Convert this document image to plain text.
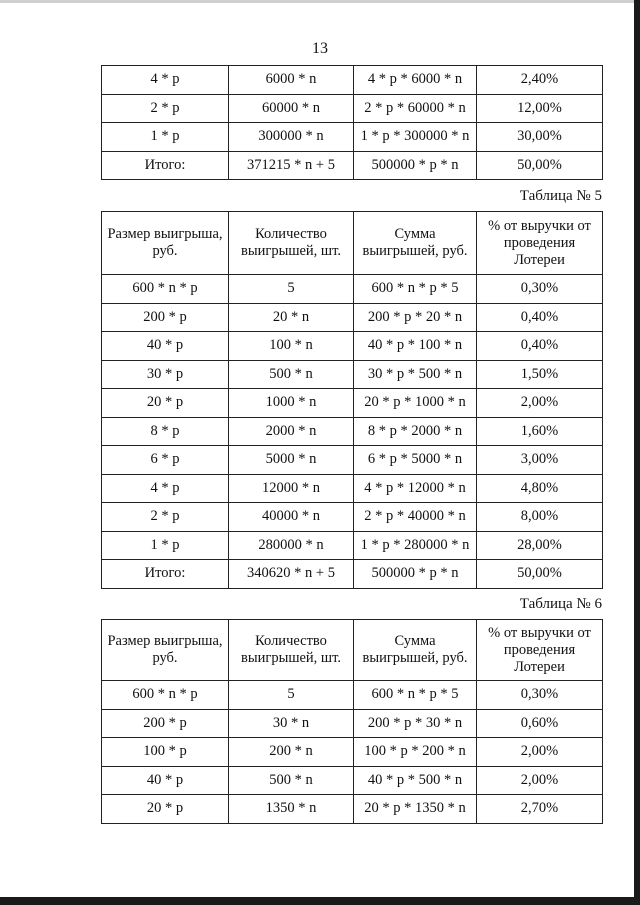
13
4 * р	6000 * n	4 * р * 6000 * n	2,40%
2 * р	60000 * n	2 * р * 60000 * n	12,00%
1 * р	300000 * n	1 * р * 300000 * n	30,00%
Итого:	371215 * n + 5	500000 * р * n	50,00%
Таблица № 5
Размер выигрыша, руб.	Количество выигрышей, шт.	Сумма выигрышей, руб.	% от выручки от проведения Лотереи
600 * n * р	5	600 * n * р * 5	0,30%
200 * р	20 * n	200 * р * 20 * n	0,40%
40 * р	100 * n	40 * р * 100 * n	0,40%
30 * р	500 * n	30 * р * 500 * n	1,50%
20 * р	1000 * n	20 * р * 1000 * n	2,00%
8 * р	2000 * n	8 * р * 2000 * n	1,60%
6 * р	5000 * n	6 * р * 5000 * n	3,00%
4 * р	12000 * n	4 * р * 12000 * n	4,80%
2 * р	40000 * n	2 * р * 40000 * n	8,00%
1 * р	280000 * n	1 * р * 280000 * n	28,00%
Итого:	340620 * n + 5	500000 * р * n	50,00%
Таблица № 6
Размер выигрыша, руб.	Количество выигрышей, шт.	Сумма выигрышей, руб.	% от выручки от проведения Лотереи
600 * n * р	5	600 * n * р * 5	0,30%
200 * р	30 * n	200 * р * 30 * n	0,60%
100 * р	200 * n	100 * р * 200 * n	2,00%
40 * р	500 * n	40 * р * 500 * n	2,00%
20 * р	1350 * n	20 * р * 1350 * n	2,70%
